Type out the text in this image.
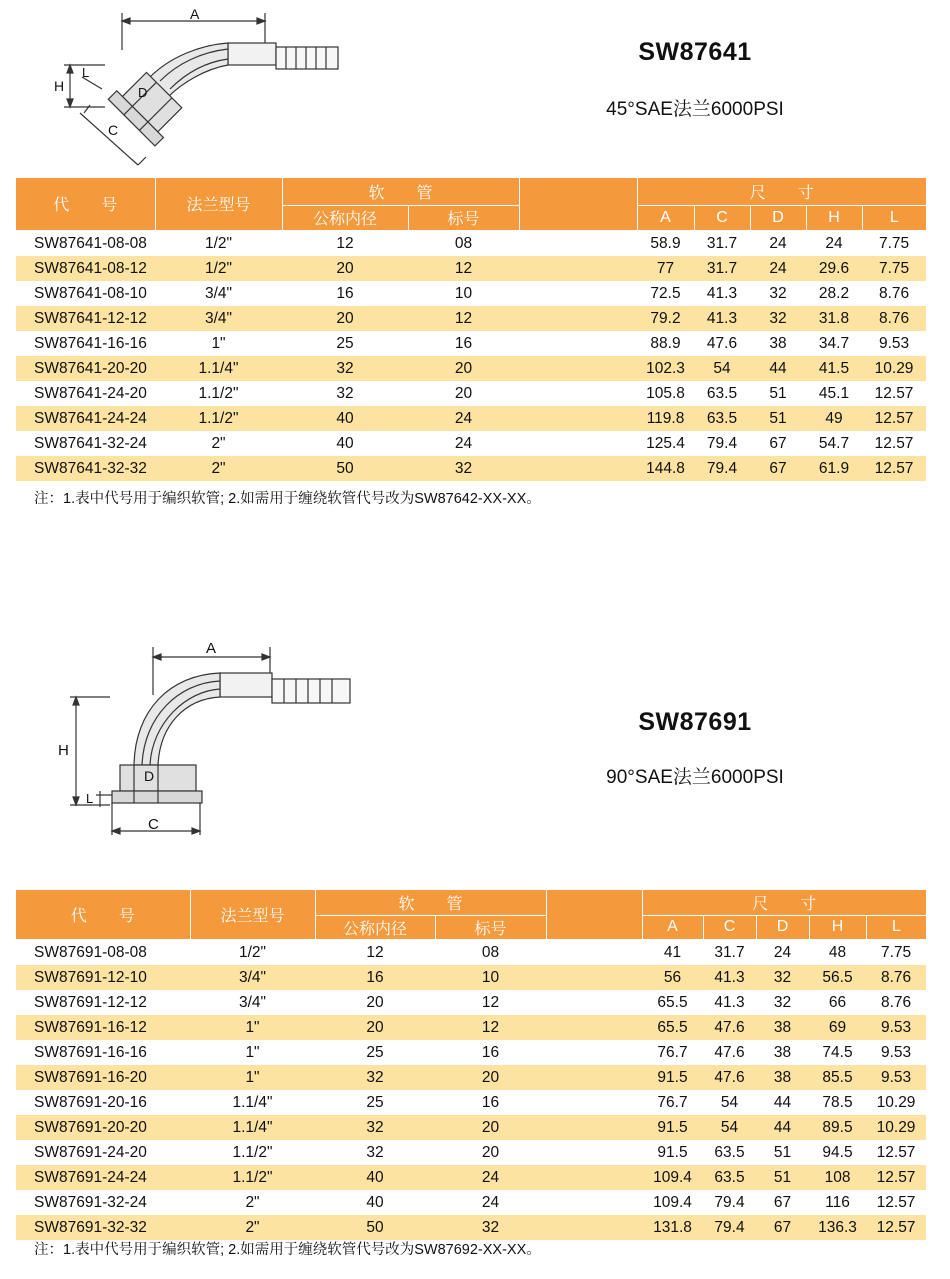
A
H
L
D
C
SW87641
45°SAE法兰6000PSI
代　　号	法兰型号	软　　管			尺　　寸				
		公称内径	标号		A	C	D	H	L
SW87641-08-08	1/2"	12	08		58.9	31.7	24	24	7.75
SW87641-08-12	1/2"	20	12		77	31.7	24	29.6	7.75
SW87641-08-10	3/4"	16	10		72.5	41.3	32	28.2	8.76
SW87641-12-12	3/4"	20	12		79.2	41.3	32	31.8	8.76
SW87641-16-16	1"	25	16		88.9	47.6	38	34.7	9.53
SW87641-20-20	1.1/4"	32	20		102.3	54	44	41.5	10.29
SW87641-24-20	1.1/2"	32	20		105.8	63.5	51	45.1	12.57
SW87641-24-24	1.1/2"	40	24		119.8	63.5	51	49	12.57
SW87641-32-24	2"	40	24		125.4	79.4	67	54.7	12.57
SW87641-32-32	2"	50	32		144.8	79.4	67	61.9	12.57
注：1.表中代号用于编织软管; 2.如需用于缠绕软管代号改为SW87642-XX-XX。
A
H
L
D
C
SW87691
90°SAE法兰6000PSI
代　　号	法兰型号	软　　管			尺　　寸				
		公称内径	标号		A	C	D	H	L
SW87691-08-08	1/2"	12	08		41	31.7	24	48	7.75
SW87691-12-10	3/4"	16	10		56	41.3	32	56.5	8.76
SW87691-12-12	3/4"	20	12		65.5	41.3	32	66	8.76
SW87691-16-12	1"	20	12		65.5	47.6	38	69	9.53
SW87691-16-16	1"	25	16		76.7	47.6	38	74.5	9.53
SW87691-16-20	1"	32	20		91.5	47.6	38	85.5	9.53
SW87691-20-16	1.1/4"	25	16		76.7	54	44	78.5	10.29
SW87691-20-20	1.1/4"	32	20		91.5	54	44	89.5	10.29
SW87691-24-20	1.1/2"	32	20		91.5	63.5	51	94.5	12.57
SW87691-24-24	1.1/2"	40	24		109.4	63.5	51	108	12.57
SW87691-32-24	2"	40	24		109.4	79.4	67	116	12.57
SW87691-32-32	2"	50	32		131.8	79.4	67	136.3	12.57
注：1.表中代号用于编织软管; 2.如需用于缠绕软管代号改为SW87692-XX-XX。
